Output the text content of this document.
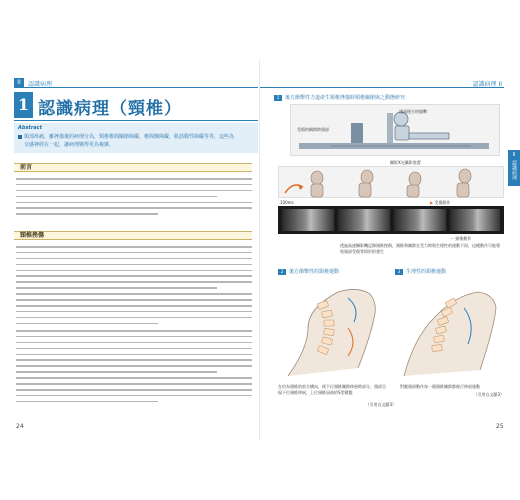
II	認識病理
1 認識病理（頸椎）
Abstract
頸部疼痛，雖挫傷後的病理分為，頸椎椎間關節障礙，椎間盤障礙，肌筋膜性障礙等等，這些為
交感神經在一起，讓病理變得更為複雜。
前言
頸椎挫傷
24
認識病理 II
II
認識病理
1 後方衝擊性力道產生頸椎挫傷時頸椎關節與之動態研究
頭部後方的撞擊
受傷的瞬間時頸部
攝影X光攝影裝置
100ms	▶ 受傷動作
— 頸椎動作
透過高速攝影機記錄頸椎挫傷，頸椎和關節在受力時與生理性的運動不同，這種動作可能導致頸部受傷等情形的發生
2 後方衝擊性的頸椎運動	3 生理性的頸椎運動
在約為頸椎的前方橫向，使下位頸椎關節伸展時部分，頸部呈現下位頸椎伸展，上位頸椎屈曲的S型樣態
（引用自文獻3）
對應頸部動作每一個頸椎關節都進行伸展運動
（引用自文獻3）
25
